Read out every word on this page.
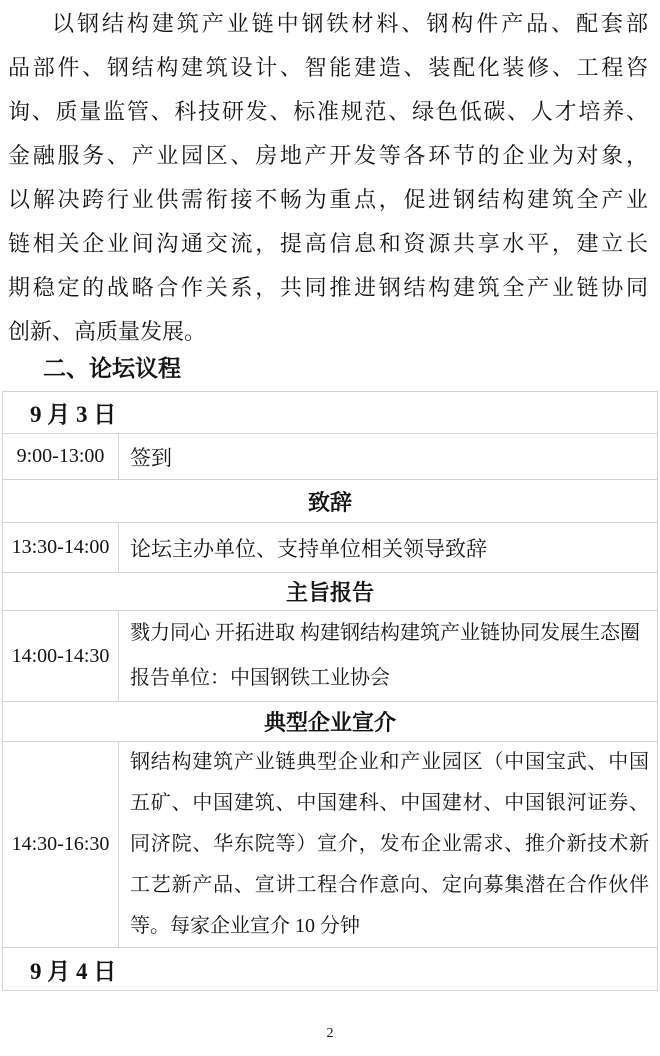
以钢结构建筑产业链中钢铁材料、钢构件产品、配套部
品部件、钢结构建筑设计、智能建造、装配化装修、工程咨
询、质量监管、科技研发、标准规范、绿色低碳、人才培养、
金融服务、产业园区、房地产开发等各环节的企业为对象，
以解决跨行业供需衔接不畅为重点，促进钢结构建筑全产业
链相关企业间沟通交流，提高信息和资源共享水平，建立长
期稳定的战略合作关系，共同推进钢结构建筑全产业链协同
创新、高质量发展。
二、论坛议程
9 月 3 日	
9:00-13:00	签到

致辞	
13:30-14:00	论坛主办单位、支持单位相关领导致辞

主旨报告	
14:00-14:30	戮力同心 开拓进取 构建钢结构建筑产业链协同发展生态圈
报告单位：中国钢铁工业协会

典型企业宣介	
14:30-16:30	钢结构建筑产业链典型企业和产业园区（中国宝武、中国
五矿、中国建筑、中国建科、中国建材、中国银河证券、
同济院、华东院等）宣介，发布企业需求、推介新技术新
工艺新产品、宣讲工程合作意向、定向募集潜在合作伙伴
等。每家企业宣介 10 分钟

9 月 4 日	
2
